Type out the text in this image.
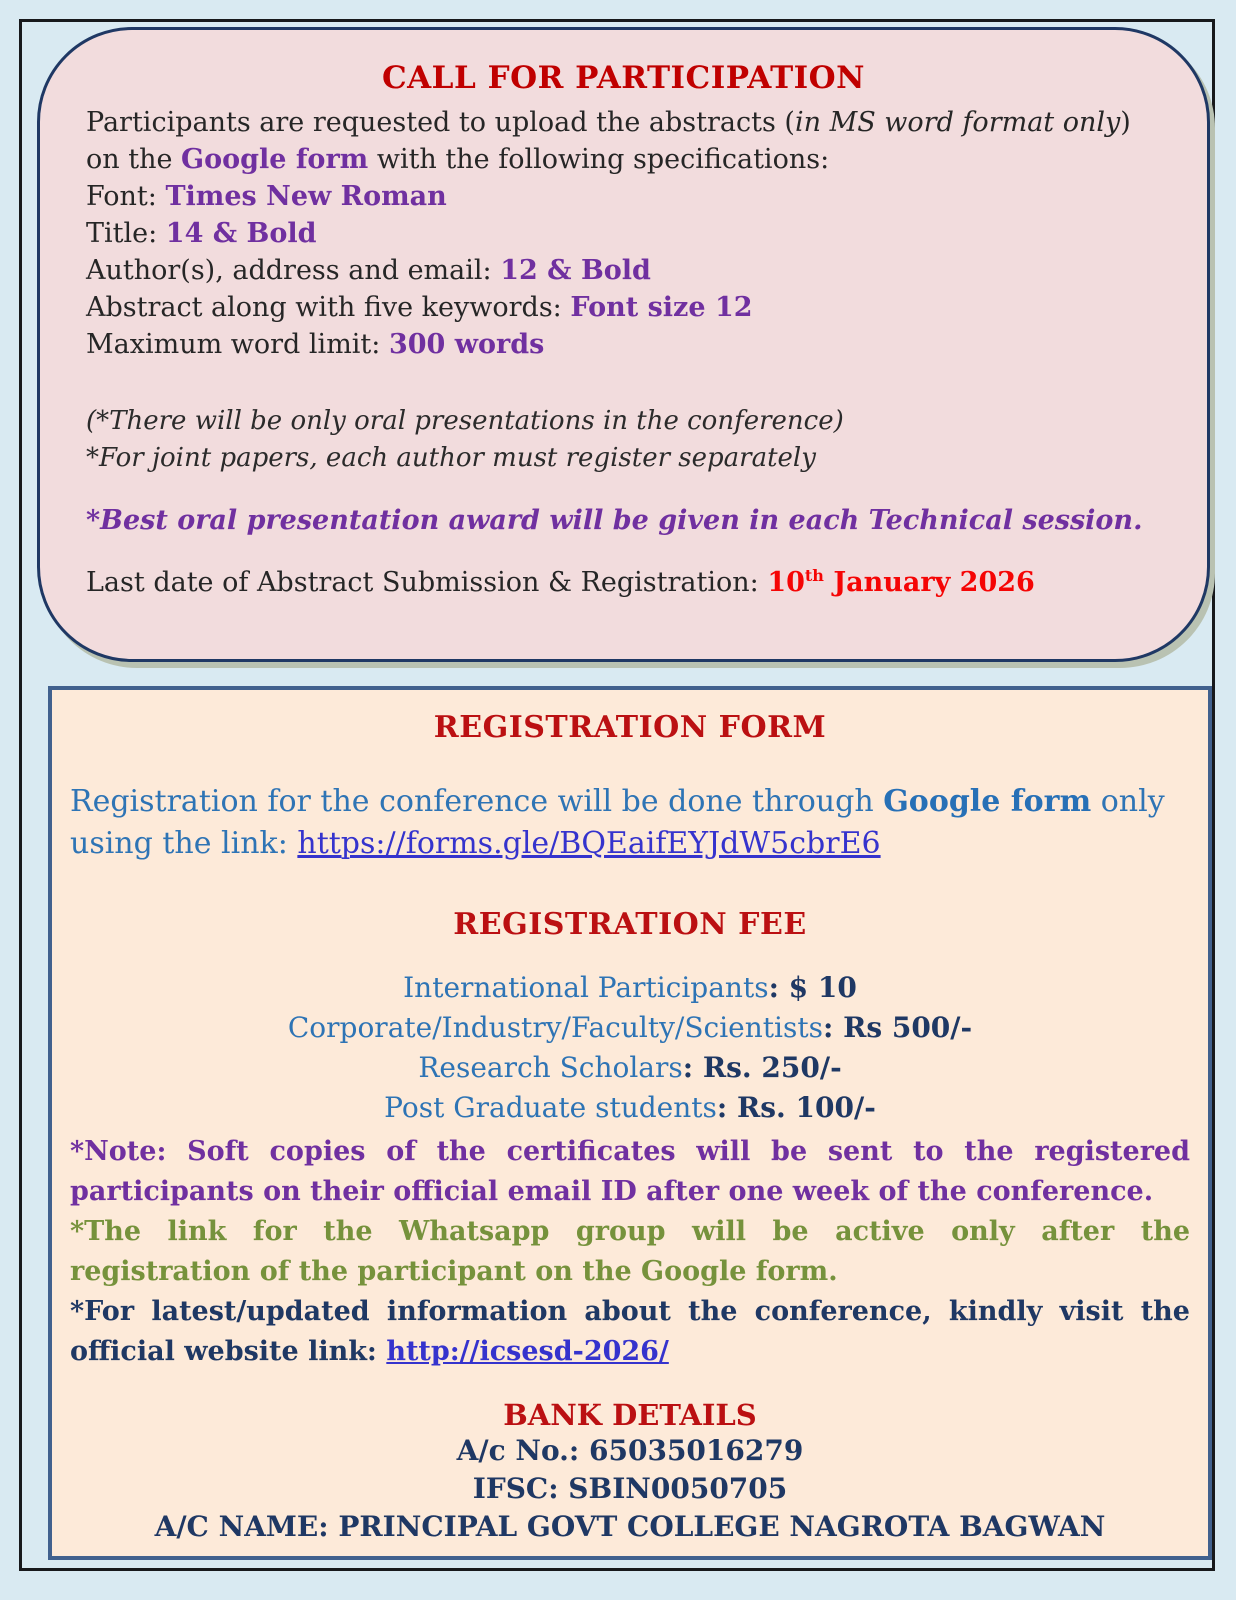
CALL FOR PARTICIPATION
Participants are requested to upload the abstracts (in MS word format only) on the Google form with the following specifications:
Font: Times New Roman
Title: 14 & Bold
Author(s), address and email: 12 & Bold
Abstract along with five keywords: Font size 12
Maximum word limit: 300 words
(*There will be only oral presentations in the conference)
*For joint papers, each author must register separately
*Best oral presentation award will be given in each Technical session.
Last date of Abstract Submission & Registration: 10th January 2026
REGISTRATION FORM
Registration for the conference will be done through Google form only using the link: https://forms.gle/BQEaifEYJdW5cbrE6
REGISTRATION FEE
International Participants: $ 10
Corporate/Industry/Faculty/Scientists: Rs 500/-
Research Scholars: Rs. 250/-
Post Graduate students: Rs. 100/-

*Note: Soft copies of the certificates will be sent to the registered participants on their official email ID after one week of the conference.

*The link for the Whatsapp group will be active only after the registration of the participant on the Google form.

*For latest/updated information about the conference, kindly visit the official website link: http://icsesd-2026/

BANK DETAILS
A/c No.: 65035016279
IFSC: SBIN0050705
A/C NAME: PRINCIPAL GOVT COLLEGE NAGROTA BAGWAN
